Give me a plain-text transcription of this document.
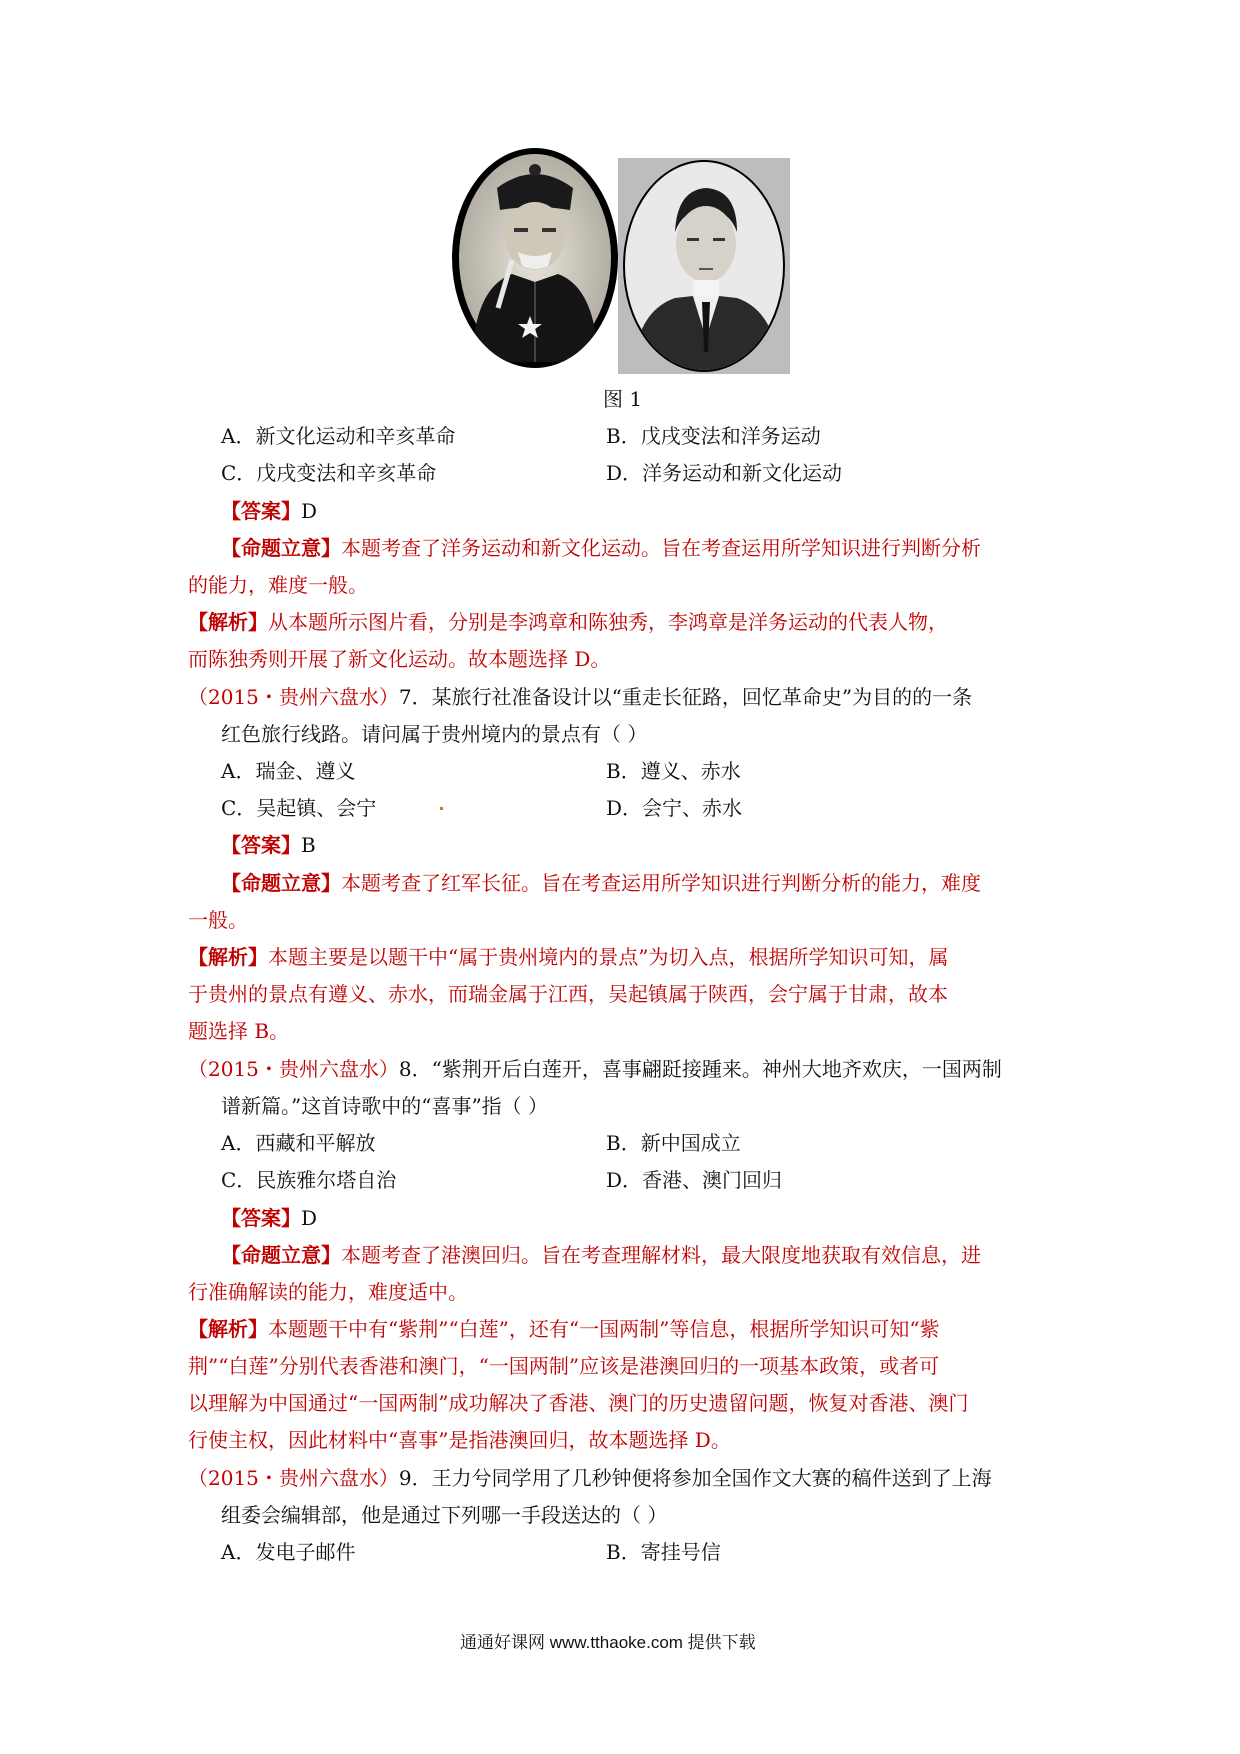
图 1
A．新文化运动和辛亥革命	B．戊戌变法和洋务运动
C．戊戌变法和辛亥革命	D．洋务运动和新文化运动
【答案】D
【命题立意】本题考查了洋务运动和新文化运动。旨在考查运用所学知识进行判断分析
的能力，难度一般。
【解析】从本题所示图片看，分别是李鸿章和陈独秀，李鸿章是洋务运动的代表人物，
而陈独秀则开展了新文化运动。故本题选择 D。
（2015・贵州六盘水）7．某旅行社准备设计以“重走长征路，回忆革命史”为目的的一条
红色旅行线路。请问属于贵州境内的景点有（ ）
A．瑞金、遵义	B．遵义、赤水
C．吴起镇、会宁	D．会宁、赤水
【答案】B
【命题立意】本题考查了红军长征。旨在考查运用所学知识进行判断分析的能力，难度
一般。
【解析】本题主要是以题干中“属于贵州境内的景点”为切入点，根据所学知识可知，属
于贵州的景点有遵义、赤水，而瑞金属于江西，吴起镇属于陕西，会宁属于甘肃，故本
题选择 B。
（2015・贵州六盘水）8．“紫荆开后白莲开，喜事翩跹接踵来。神州大地齐欢庆，一国两制
谱新篇。”这首诗歌中的“喜事”指（ ）
A．西藏和平解放	B．新中国成立
C．民族雅尔塔自治	D．香港、澳门回归
【答案】D
【命题立意】本题考查了港澳回归。旨在考查理解材料，最大限度地获取有效信息，进
行准确解读的能力，难度适中。
【解析】本题题干中有“紫荆”“白莲”，还有“一国两制”等信息，根据所学知识可知“紫
荆”“白莲”分别代表香港和澳门，“一国两制”应该是港澳回归的一项基本政策，或者可
以理解为中国通过“一国两制”成功解决了香港、澳门的历史遗留问题，恢复对香港、澳门
行使主权，因此材料中“喜事”是指港澳回归，故本题选择 D。
（2015・贵州六盘水）9．王力兮同学用了几秒钟便将参加全国作文大赛的稿件送到了上海
组委会编辑部，他是通过下列哪一手段送达的（ ）
A．发电子邮件	B．寄挂号信
通通好课网 www.tthaoke.com 提供下载
